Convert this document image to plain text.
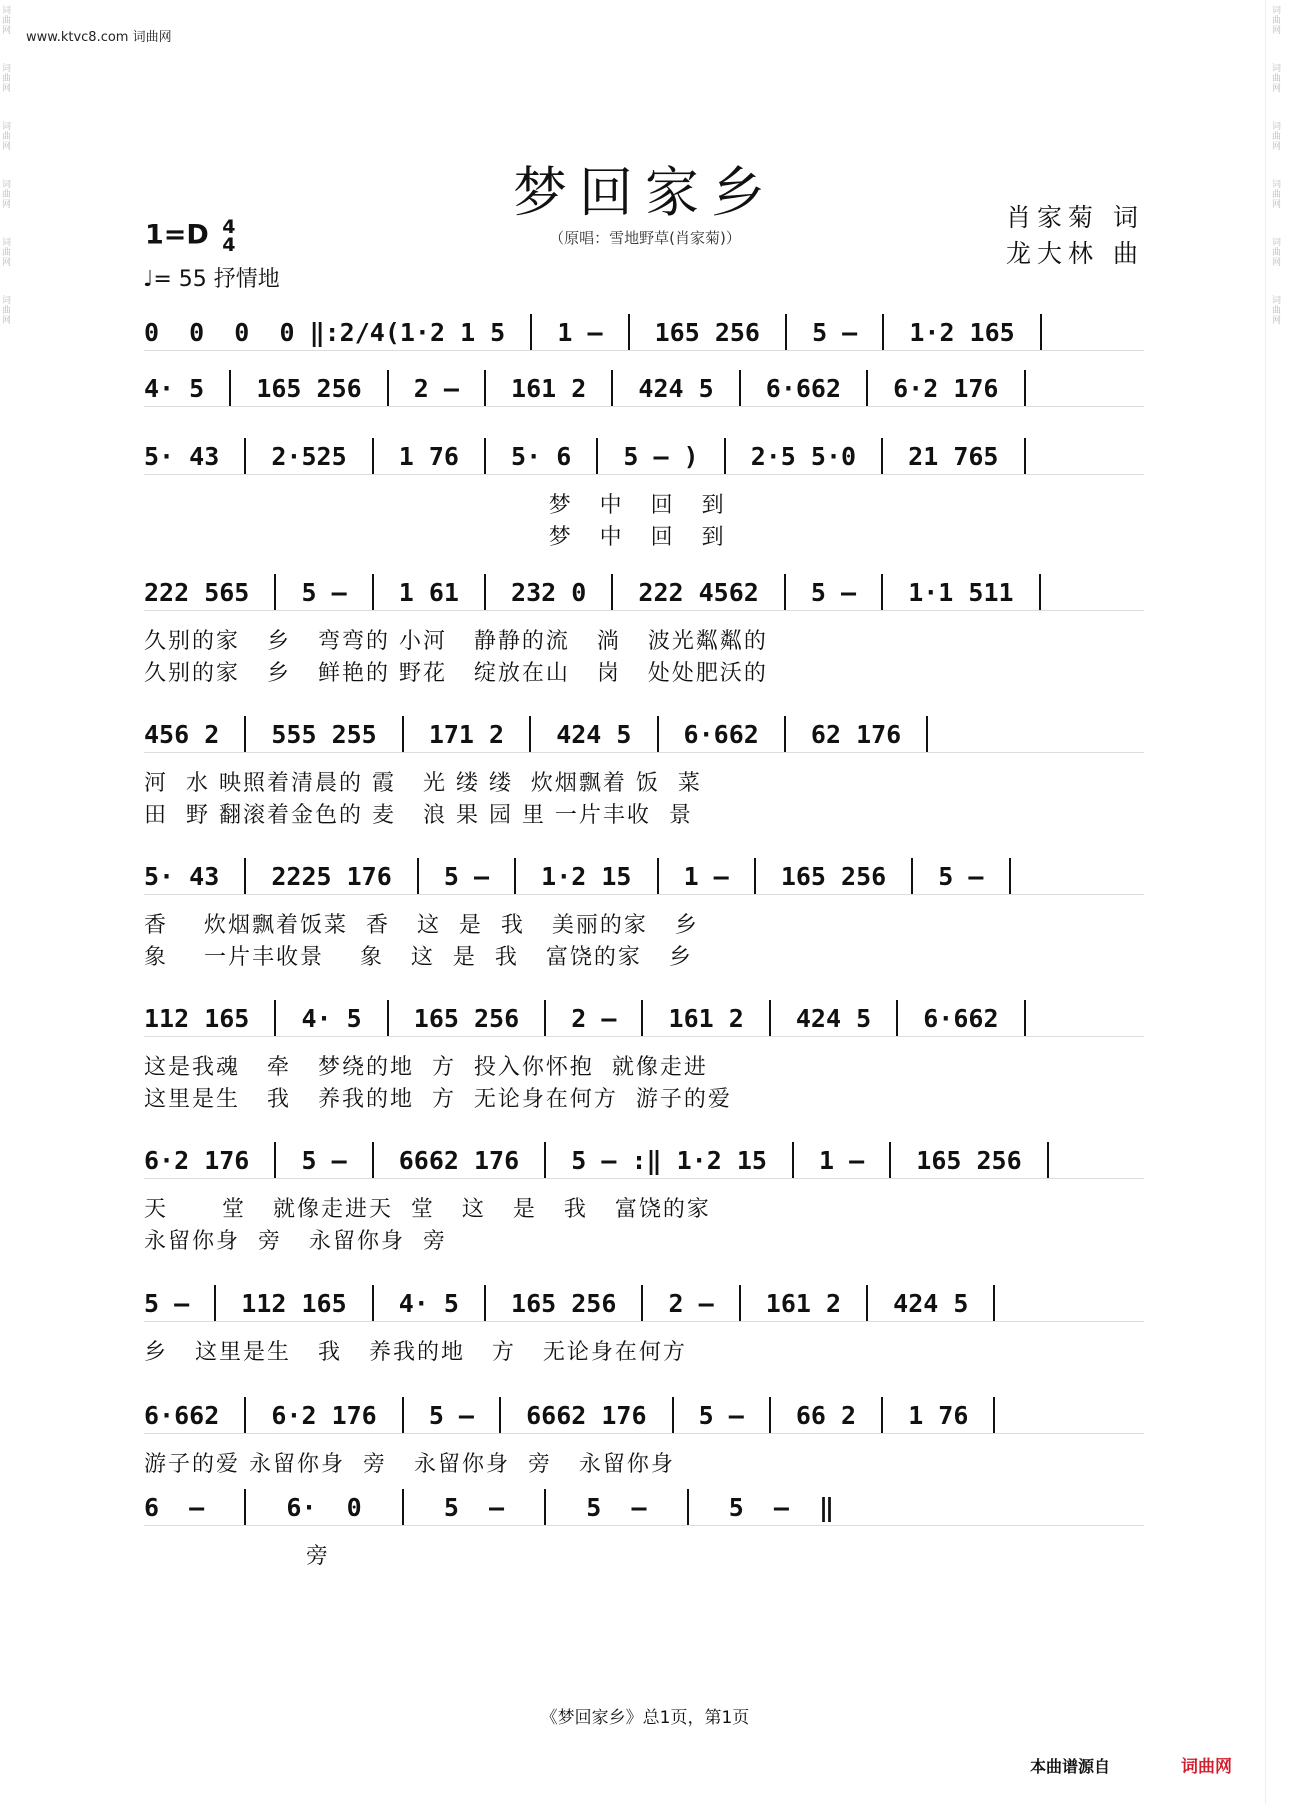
www.ktvc8.com 词曲网
词 曲 网
词 曲 网
词 曲 网
词 曲 网
词 曲 网
词 曲 网
词 曲 网
词 曲 网
词 曲 网
词 曲 网
词 曲 网
词 曲 网
梦回家乡
（原唱：雪地野草(肖家菊)）
1=D 4
4
♩= 55 抒情地
肖家菊 词
龙大林 曲
0  0  0  0 ‖:2/4(1·2 1 5 1 – 165 256 5 – 1·2 165
4· 5 165 256 2 – 161 2 424 5 6·662 6·2 176
5· 43 2·525 1 76 5· 6 5 – ) 2·5 5·0 21 765
梦   中   回   到
梦   中   回   到
222 565 5 – 1 61 232 0 222 4562 5 – 1·1 511
久别的家   乡   弯弯的 小河   静静的流   淌   波光粼粼的
久别的家   乡   鲜艳的 野花   绽放在山   岗   处处肥沃的
456 2 555 255 171 2 424 5 6·662 62 176
河  水 映照着清晨的 霞   光 缕 缕  炊烟飘着 饭  菜
田  野 翻滚着金色的 麦   浪 果 园 里 一片丰收  景
5· 43 2225 176 5 – 1·2 15 1 – 165 256 5 –
香    炊烟飘着饭菜  香   这  是  我   美丽的家   乡
象    一片丰收景    象   这  是  我   富饶的家   乡
112 165 4· 5 165 256 2 – 161 2 424 5 6·662
这是我魂   牵   梦绕的地  方  投入你怀抱  就像走进
这里是生   我   养我的地  方  无论身在何方  游子的爱
6·2 176 5 – 6662 176 5 – :‖ 1·2 15 1 – 165 256
天      堂   就像走进天  堂   这   是   我   富饶的家
永留你身  旁   永留你身  旁
5 – 112 165 4· 5 165 256 2 – 161 2 424 5
乡   这里是生   我   养我的地   方   无论身在何方
6·662 6·2 176 5 – 6662 176 5 – 66 2 1 76
游子的爱 永留你身  旁   永留你身  旁   永留你身
6  – 6·  0 5  – 5  – 5  –  ‖
旁
《梦回家乡》总1页，第1页
本曲谱源自	词曲网
